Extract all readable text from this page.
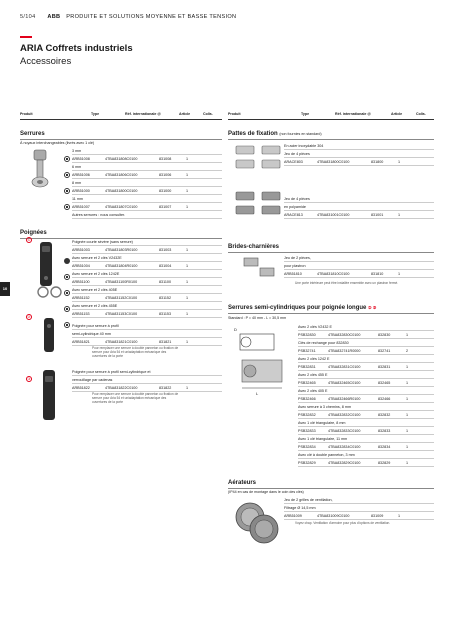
5/104 ABB PRODUITE ET SOLUTIONS MOYENNE ET BASSE TENSION
ARIA Coffrets industriels
Accessoires
Produit	Type	Réf. internationale @	Article	Colis.	Produit	Type	Réf. internationale @	Article	Colis.
10
Serrures
À noyaux interchangeables (livrés avec 1 clé)
3 mm
ARB51008	4TBA831808C0100	831008	1
6 mm
ARB51006	4TBA831806C0100	831006	1
8 mm
ARB51000	4TBA831800C0100	831000	1
11 mm
ARB51007	4TBA831807C0100	831007	1
Autres serrures : nous consulter.
Poignées
①	Poignée courte sévère (sans serrure)
ARB51003	4TBA831803R0100	831003	1
Avec serrure et 2 clés V2432E
ARB51004	4TBA831804R0100	831004	1
Avec serrure et 2 clés 1242E
ARB51100	4TBA831100R0100	831100	1
Avec serrure et 2 clés 405E
ARB51152	4TBA831152C0100	831152	1
Avec serrure et 2 clés 455E
ARB51153	4TBA831153C0100	831153	1
②
Poignée pour serrure à profil
semi-cylindrique 40 mm
ARB51821	4TBA831821C0100	831821	1
Pour remplacer une serrure à double panneton ou fixation de serrure pour Aria 54 et uniadaptation mécanique des ouvertures de la porte
③
Poignée pour serrure à profil semi-cylindrique et
verrouillage par cadenas
ARB51822	4TBA831822C0100	831822	1
Pour remplacer une serrure à double panneton ou fixation de serrure pour Aria 54 et uniadaptation mécanique des ouvertures de la porte
Pattes de fixation (non fournies en standard)
En acier inoxydable 304
Jeu de 4 pièces
ARACE803	4TBA831800C0100	831800	1
Jeu de 4 pièces
en polyamide
ARACE813	4TBA831001C0100	831001	1
Brides-charnières
Jeu de 2 pièces,
pour plastron
ARB51810	4TBA831810C0100	831810	1
Une porte intérieure peut être installée ensemble avec un plastron fermé.
Serrures semi-cylindriques pour poignée longue ② ③
Standard : P = 40 mm - L = 30,5 mm
D
L
Avec 2 clés V2432 E
PSB32830	4TBA832830C0100	832830	1
Clés de rechange pour 832830
PSB32741	4TBA832741R0000	832741	2
Avec 2 clés 1242 E
PSB32831	4TBA832831C0100	832831	1
Avec 2 clés 455 E
PSB32465	4TBA832465C0100	832465	1
Avec 2 clés 405 E
PSB32466	4TBA832466R0100	832466	1
Avec serrure à 3 chemins, 8 mm
PSB32832	4TBA832832C0100	832832	1
Avec 1 clé triangulaire, 8 mm
PSB32833	4TBA832833C0100	832833	1
Avec 1 clé triangulaire, 11 mm
PSB32834	4TBA832834C0100	832834	1
Avec clé à double panneton, 3 mm
PSB32829	4TBA832829C0100	832829	1
Aérateurs
(IP44 en cas de montage dans le coin des clés)
Jeu de 2 grilles de ventilation,
Filtrage Ø 14,5 mm
ARB51009	4TBA831009C0100	831009	1
Voyez chap. Ventilation d'armoire pour plus d'options de ventilation.
